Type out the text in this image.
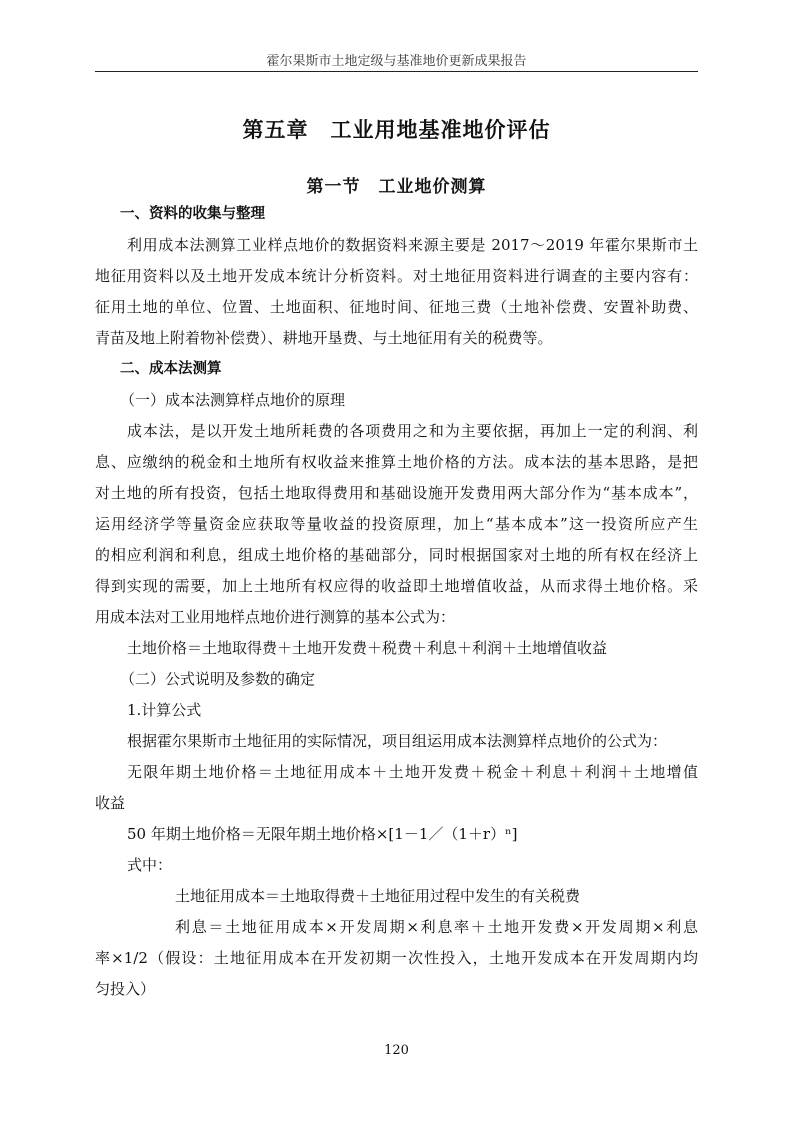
霍尔果斯市土地定级与基准地价更新成果报告
第五章　工业用地基准地价评估
第一节　工业地价测算
一、资料的收集与整理
利用成本法测算工业样点地价的数据资料来源主要是 2017～2019 年霍尔果斯市土
地征用资料以及土地开发成本统计分析资料。对土地征用资料进行调查的主要内容有：
征用土地的单位、位置、土地面积、征地时间、征地三费（土地补偿费、安置补助费、
青苗及地上附着物补偿费）、耕地开垦费、与土地征用有关的税费等。
二、成本法测算
（一）成本法测算样点地价的原理
成本法，是以开发土地所耗费的各项费用之和为主要依据，再加上一定的利润、利
息、应缴纳的税金和土地所有权收益来推算土地价格的方法。成本法的基本思路，是把
对土地的所有投资，包括土地取得费用和基础设施开发费用两大部分作为“基本成本”，
运用经济学等量资金应获取等量收益的投资原理，加上“基本成本”这一投资所应产生
的相应利润和利息，组成土地价格的基础部分，同时根据国家对土地的所有权在经济上
得到实现的需要，加上土地所有权应得的收益即土地增值收益，从而求得土地价格。采
用成本法对工业用地样点地价进行测算的基本公式为：
土地价格＝土地取得费＋土地开发费＋税费＋利息＋利润＋土地增值收益
（二）公式说明及参数的确定
1.计算公式
根据霍尔果斯市土地征用的实际情况，项目组运用成本法测算样点地价的公式为：
无限年期土地价格＝土地征用成本＋土地开发费＋税金＋利息＋利润＋土地增值
收益
50 年期土地价格＝无限年期土地价格×[1－1／（1＋r）ⁿ]
式中：
土地征用成本＝土地取得费＋土地征用过程中发生的有关税费
利息＝土地征用成本×开发周期×利息率＋土地开发费×开发周期×利息
率×1/2（假设：土地征用成本在开发初期一次性投入，土地开发成本在开发周期内均
匀投入）
120
